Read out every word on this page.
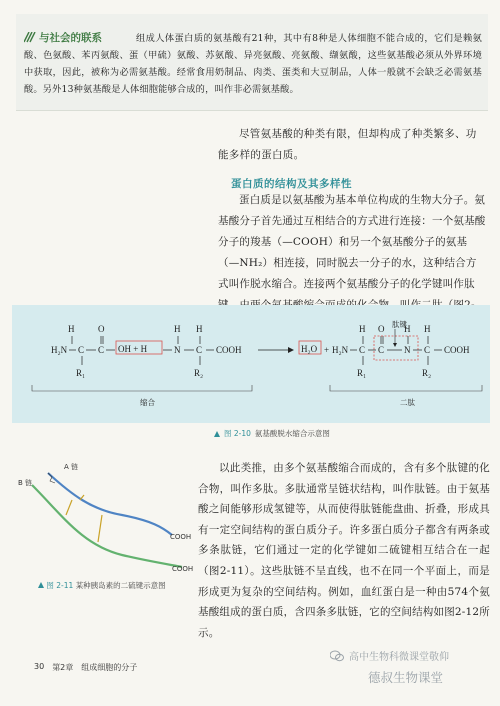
与社会的联系	组成人体蛋白质的氨基酸有21种，其中有8种是人体细胞不能合成的，它们是赖氨酸、色氨酸、苯丙氨酸、蛋（甲硫）氨酸、苏氨酸、异亮氨酸、亮氨酸、缬氨酸，这些氨基酸必须从外界环境中获取，因此，被称为必需氨基酸。经常食用奶制品、肉类、蛋类和大豆制品，人体一般就不会缺乏必需氨基酸。另外13种氨基酸是人体细胞能够合成的，叫作非必需氨基酸。
尽管氨基酸的种类有限，但却构成了种类繁多、功能多样的蛋白质。
蛋白质的结构及其多样性
蛋白质是以氨基酸为基本单位构成的生物大分子。氨基酸分子首先通过互相结合的方式进行连接：一个氨基酸分子的羧基（—COOH）和另一个氨基酸分子的氨基（—NH₂）相连接，同时脱去一分子的水，这种结合方式叫作脱水缩合。连接两个氨基酸分子的化学键叫作肽
H
H₂N C C
O
R₁
OH + H	N
H
C
H
R₂
COOH	H₂O + H₂N C
H
R₁
C
O 肽键
N
H
C
H
R₂
COOH
缩合	二肽
图 2-10 氨基酸脱水缩合示意图
A 链
B 链
COOH
COOH
图 2-11 某种胰岛素的二硫键示意图
以此类推，由多个氨基酸缩合而成的，含有多个肽键的化合物，叫作多肽。多肽通常呈链状结构，叫作肽链。由于氨基酸之间能够形成氢键等，从而使得肽链能盘曲、折叠，形成具有一定空间结构的蛋白质分子。许多蛋白质分子都含有两条或多条肽链，它们通过一定的化学键如二硫键相互结合在一起（图2-11）。这些肽链不呈直线，也不在同一个平面上，而是形成更为复杂的空间结构。例如，血红蛋白是一种由574个氨基酸组成的蛋白质，含四条多肽链，它的空间结构如图2-12所示。
30 第2章 组成细胞的分子
高中生物科微课堂敬仰
德叔生物课堂
